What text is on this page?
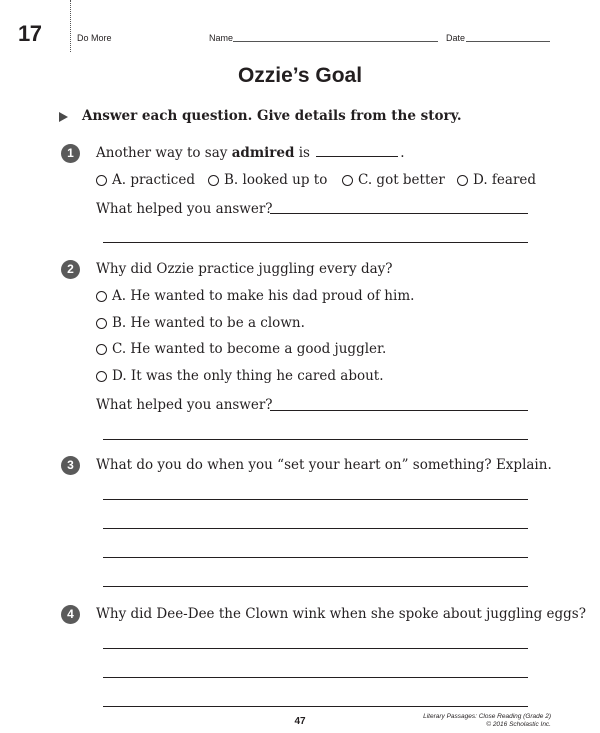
17	Do More	Name	Date
Ozzie’s Goal
Answer each question. Give details from the story.
1	Another way to say admired is	.
A. practiced B. looked up to C. got better D. feared
What helped you answer?
2	Why did Ozzie practice juggling every day?
A. He wanted to make his dad proud of him.
B. He wanted to be a clown.
C. He wanted to become a good juggler.
D. It was the only thing he cared about.
What helped you answer?
3	What do you do when you “set your heart on” something? Explain.
4	Why did Dee-Dee the Clown wink when she spoke about juggling eggs?
47	Literary Passages: Close Reading (Grade 2)
© 2016 Scholastic Inc.
